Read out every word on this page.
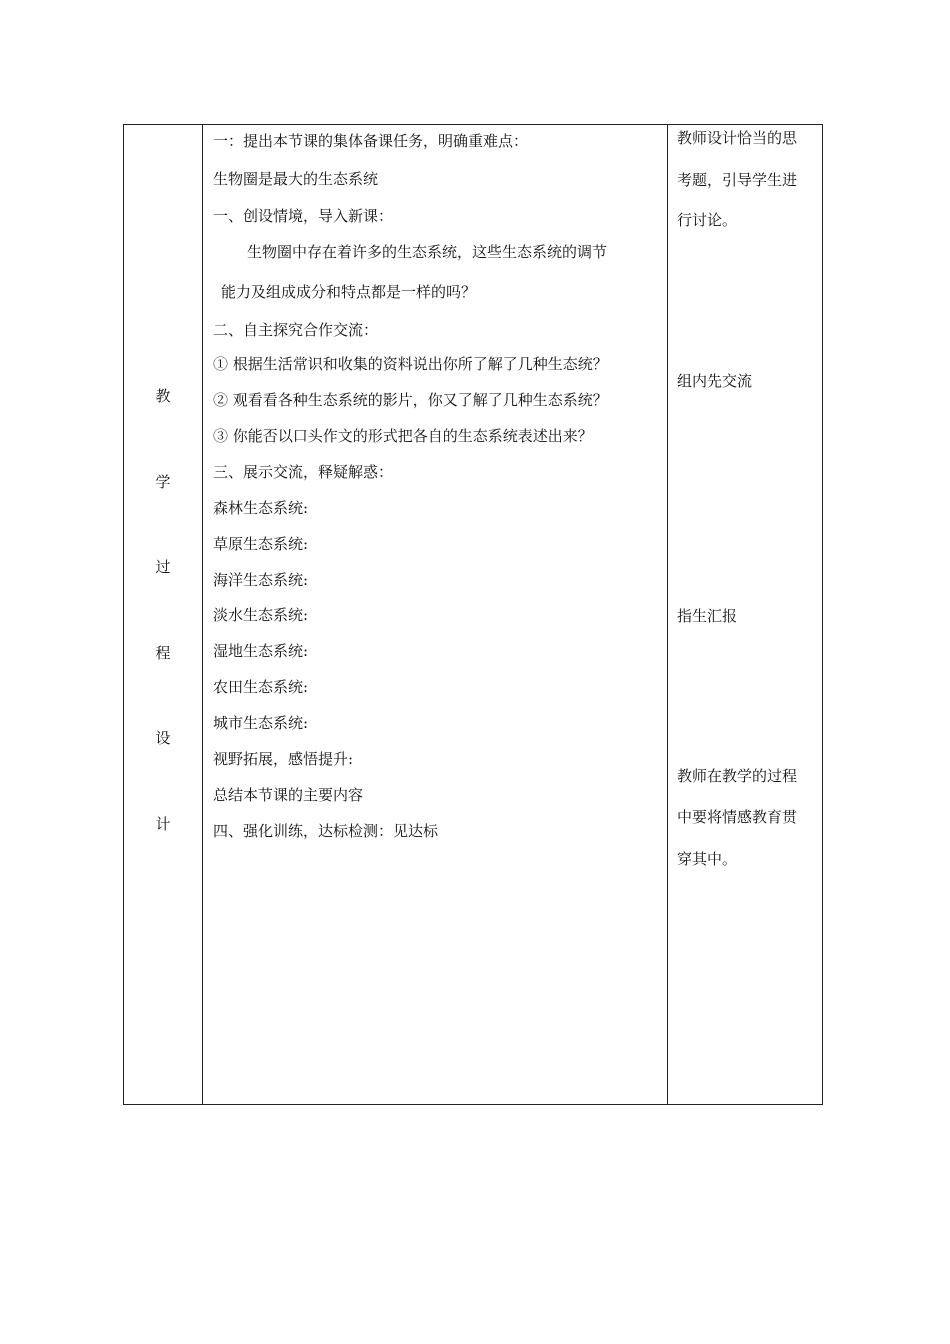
教
学
过
程
设
计
一：提出本节课的集体备课任务，明确重难点：
生物圈是最大的生态系统
一、创设情境，导入新课：
生物圈中存在着许多的生态系统，这些生态系统的调节
能力及组成成分和特点都是一样的吗？
二、自主探究合作交流：
① 根据生活常识和收集的资料说出你所了解了几种生态统？
② 观看看各种生态系统的影片，你又了解了几种生态系统？
③ 你能否以口头作文的形式把各自的生态系统表述出来？
三、展示交流，释疑解惑：
森林生态系统:
草原生态系统:
海洋生态系统:
淡水生态系统:
湿地生态系统:
农田生态系统:
城市生态系统:
视野拓展，感悟提升:
总结本节课的主要内容
四、强化训练，达标检测：见达标
教师设计恰当的思
考题，引导学生进
行讨论。
组内先交流
指生汇报
教师在教学的过程
中要将情感教育贯
穿其中。
